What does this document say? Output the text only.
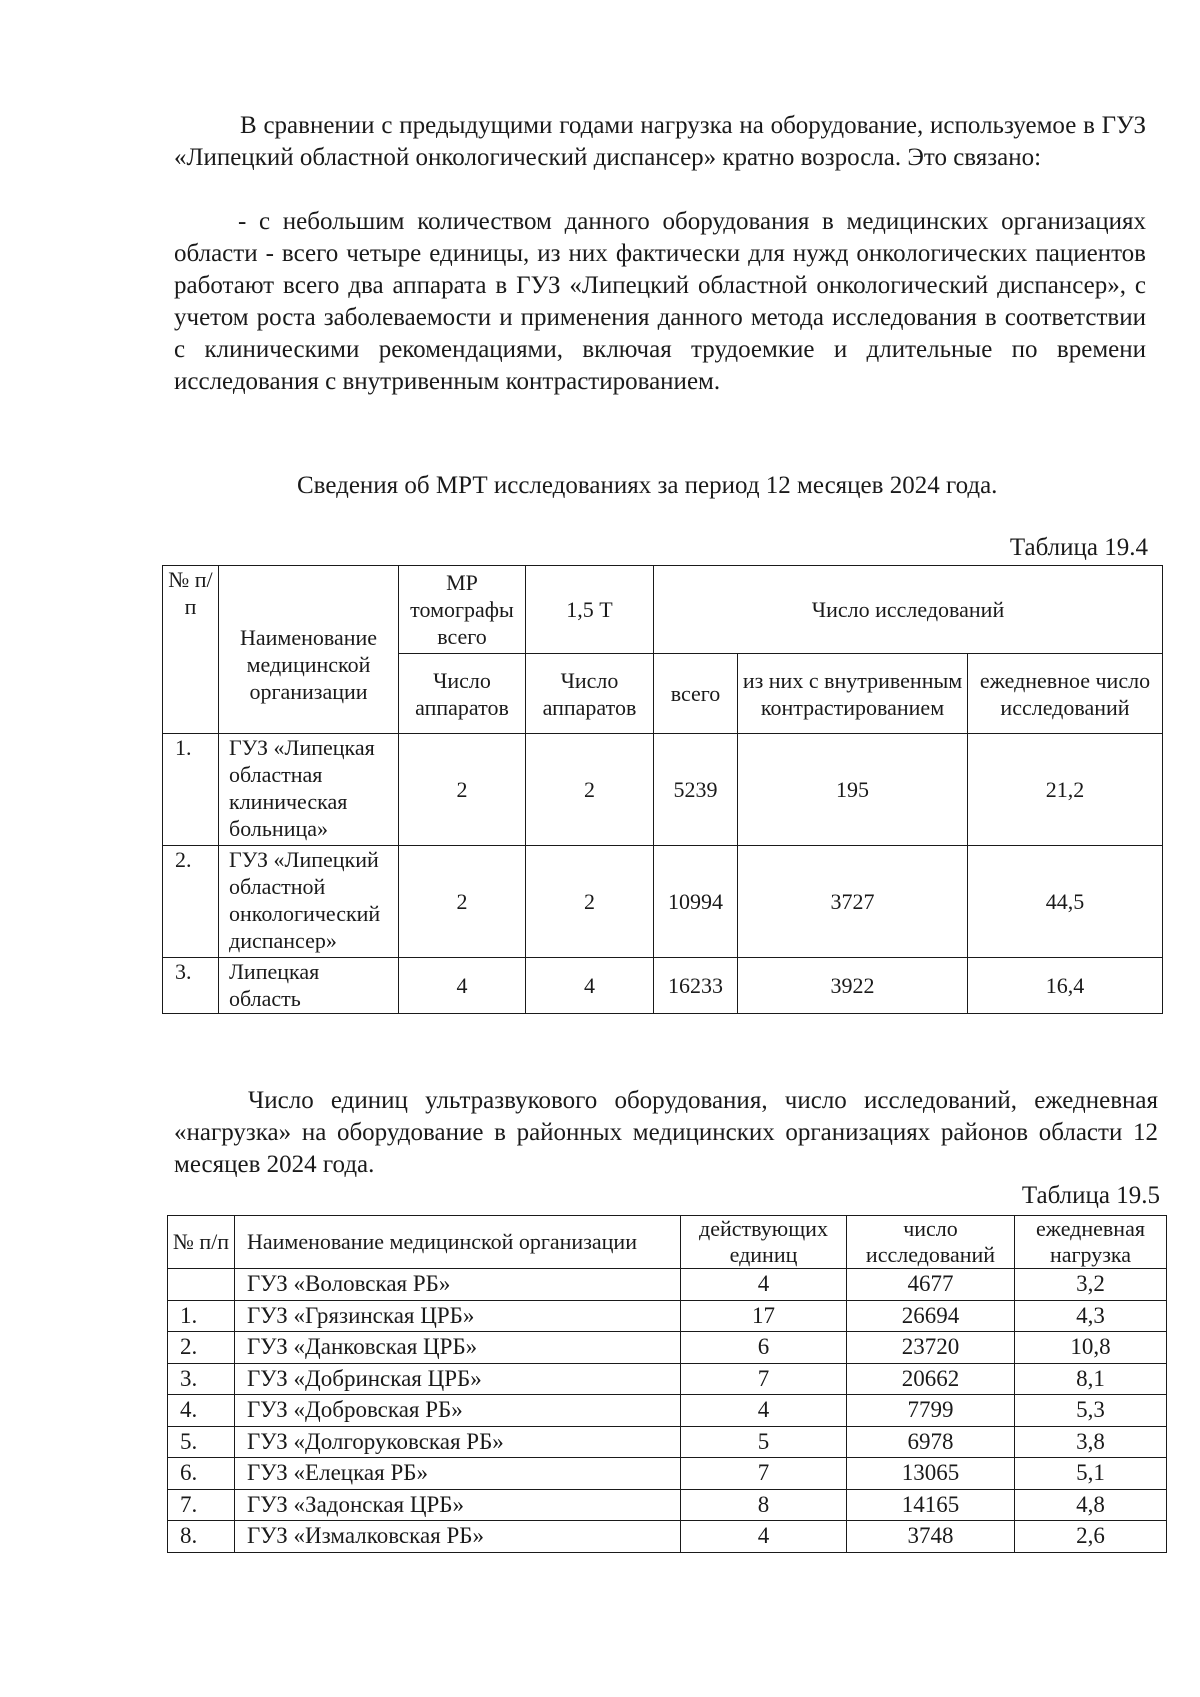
В сравнении с предыдущими годами нагрузка на оборудование, используемое в ГУЗ «Липецкий областной онкологический диспансер» кратно возросла. Это связано:

- с небольшим количеством данного оборудования в медицинских организациях области - всего четыре единицы, из них фактически для нужд онкологических пациентов работают всего два аппарата в ГУЗ «Липецкий областной онкологический диспансер», с учетом роста заболеваемости и применения данного метода исследования в соответствии с клиническими рекомендациями, включая трудоемкие и длительные по времени исследования с внутривенным контрастированием.

Сведения об МРТ исследованиях за период 12 месяцев 2024 года.
Таблица 19.4
№ п/п	Наименование медицинской организации	МР томографы всего	1,5 Т	Число исследований		
		Число аппаратов	Число аппаратов	всего	из них с внутривенным контрастированием	ежедневное число исследований
1.	ГУЗ «Липецкая
областная
клиническая
больница»	2	2	5239	195	21,2
2.	ГУЗ «Липецкий
областной
онкологический
диспансер»	2	2	10994	3727	44,5
3.	Липецкая
область	4	4	16233	3922	16,4

Число единиц ультразвукового оборудования, число исследований, ежедневная «нагрузка» на оборудование в районных медицинских организациях районов области 12 месяцев 2024 года.

Таблица 19.5
№ п/п	Наименование медицинской организации	действующих единиц	число исследований	ежедневная нагрузка
	ГУЗ «Воловская РБ»	4	4677	3,2
1.	ГУЗ «Грязинская ЦРБ»	17	26694	4,3
2.	ГУЗ «Данковская ЦРБ»	6	23720	10,8
3.	ГУЗ «Добринская ЦРБ»	7	20662	8,1
4.	ГУЗ «Добровская РБ»	4	7799	5,3
5.	ГУЗ «Долгоруковская РБ»	5	6978	3,8
6.	ГУЗ «Елецкая РБ»	7	13065	5,1
7.	ГУЗ «Задонская ЦРБ»	8	14165	4,8
8.	ГУЗ «Измалковская РБ»	4	3748	2,6
